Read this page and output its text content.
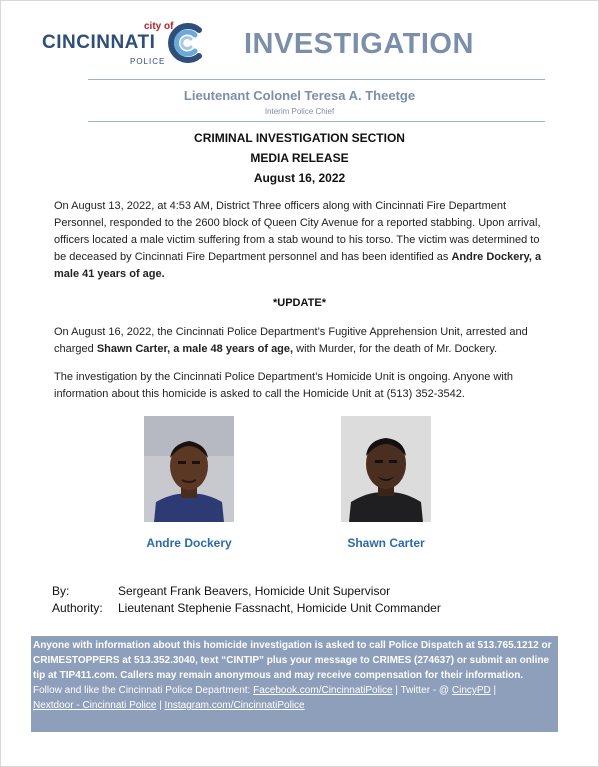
city of
CINCINNATI
POLICE
INVESTIGATION
Lieutenant Colonel Teresa A. Theetge
Interim Police Chief
CRIMINAL INVESTIGATION SECTION
MEDIA RELEASE
August 16, 2022

On August 13, 2022, at 4:53 AM, District Three officers along with Cincinnati Fire Department Personnel, responded to the 2600 block of Queen City Avenue for a reported stabbing. Upon arrival, officers located a male victim suffering from a stab wound to his torso. The victim was determined to be deceased by Cincinnati Fire Department personnel and has been identified as Andre Dockery, a male 41 years of age.

*UPDATE*

On August 16, 2022, the Cincinnati Police Department’s Fugitive Apprehension Unit, arrested and charged Shawn Carter, a male 48 years of age, with Murder, for the death of Mr. Dockery.

The investigation by the Cincinnati Police Department’s Homicide Unit is ongoing. Anyone with information about this homicide is asked to call the Homicide Unit at (513) 352-3542.

Andre Dockery	Shawn Carter
By:	Sergeant Frank Beavers, Homicide Unit Supervisor
Authority: Lieutenant Stephenie Fassnacht, Homicide Unit Commander
Anyone with information about this homicide investigation is asked to call Police Dispatch at 513.765.1212 or CRIMESTOPPERS at 513.352.3040, text “CINTIP” plus your message to CRIMES (274637) or submit an online tip at TIP411.com. Callers may remain anonymous and may receive compensation for their information.
Follow and like the Cincinnati Police Department: Facebook.com/CincinnatiPolice | Twitter - @ CincyPD |
Nextdoor - Cincinnati Police | Instagram.com/CincinnatiPolice
